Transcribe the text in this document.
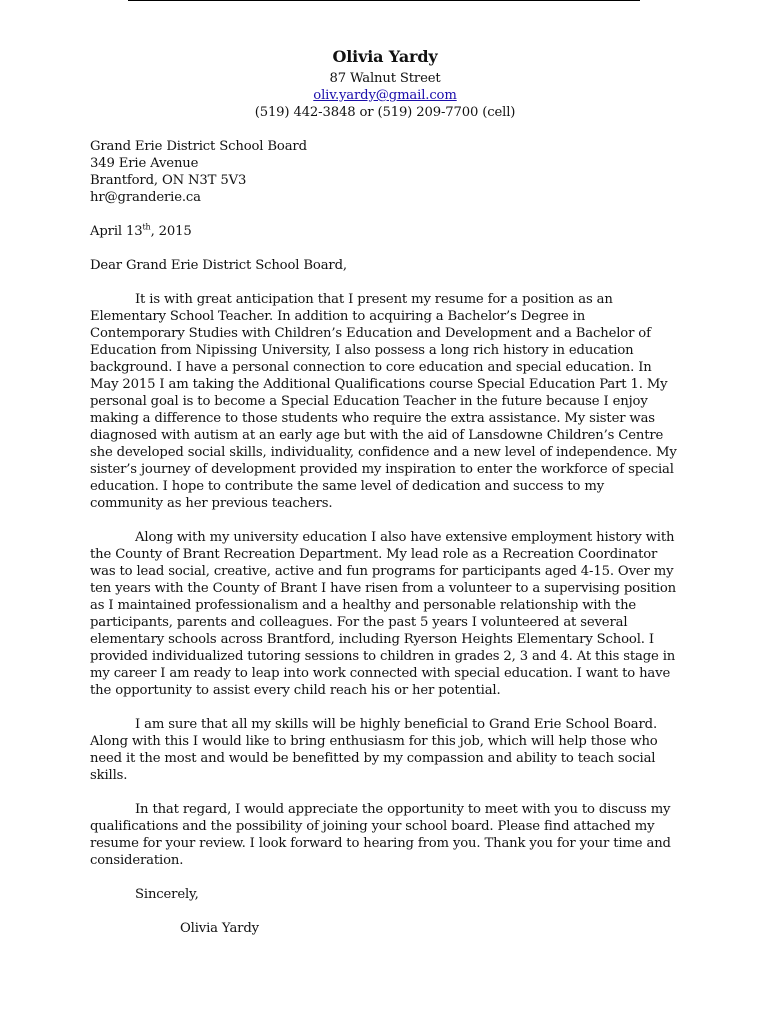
Olivia Yardy
87 Walnut Street
oliv.yardy@gmail.com
(519) 442-3848 or (519) 209-7700 (cell)
Grand Erie District School Board
349 Erie Avenue
Brantford, ON N3T 5V3
hr@granderie.ca
April 13th, 2015
Dear Grand Erie District School Board,

It is with great anticipation that I present my resume for a position as an Elementary School Teacher. In addition to acquiring a Bachelor’s Degree in Contemporary Studies with Children’s Education and Development and a Bachelor of Education from Nipissing University, I also possess a long rich history in education background. I have a personal connection to core education and special education. In May 2015 I am taking the Additional Qualifications course Special Education Part 1. My personal goal is to become a Special Education Teacher in the future because I enjoy making a difference to those students who require the extra assistance. My sister was diagnosed with autism at an early age but with the aid of Lansdowne Children’s Centre she developed social skills, individuality, confidence and a new level of independence. My sister’s journey of development provided my inspiration to enter the workforce of special education. I hope to contribute the same level of dedication and success to my community as her previous teachers.

Along with my university education I also have extensive employment history with the County of Brant Recreation Department. My lead role as a Recreation Coordinator was to lead social, creative, active and fun programs for participants aged 4-15. Over my ten years with the County of Brant I have risen from a volunteer to a supervising position as I maintained professionalism and a healthy and personable relationship with the participants, parents and colleagues. For the past 5 years I volunteered at several elementary schools across Brantford, including Ryerson Heights Elementary School. I provided individualized tutoring sessions to children in grades 2, 3 and 4. At this stage in my career I am ready to leap into work connected with special education. I want to have the opportunity to assist every child reach his or her potential.

I am sure that all my skills will be highly beneficial to Grand Erie School Board. Along with this I would like to bring enthusiasm for this job, which will help those who need it the most and would be benefitted by my compassion and ability to teach social skills.

In that regard, I would appreciate the opportunity to meet with you to discuss my qualifications and the possibility of joining your school board. Please find attached my resume for your review. I look forward to hearing from you. Thank you for your time and consideration.

Sincerely,
Olivia Yardy
